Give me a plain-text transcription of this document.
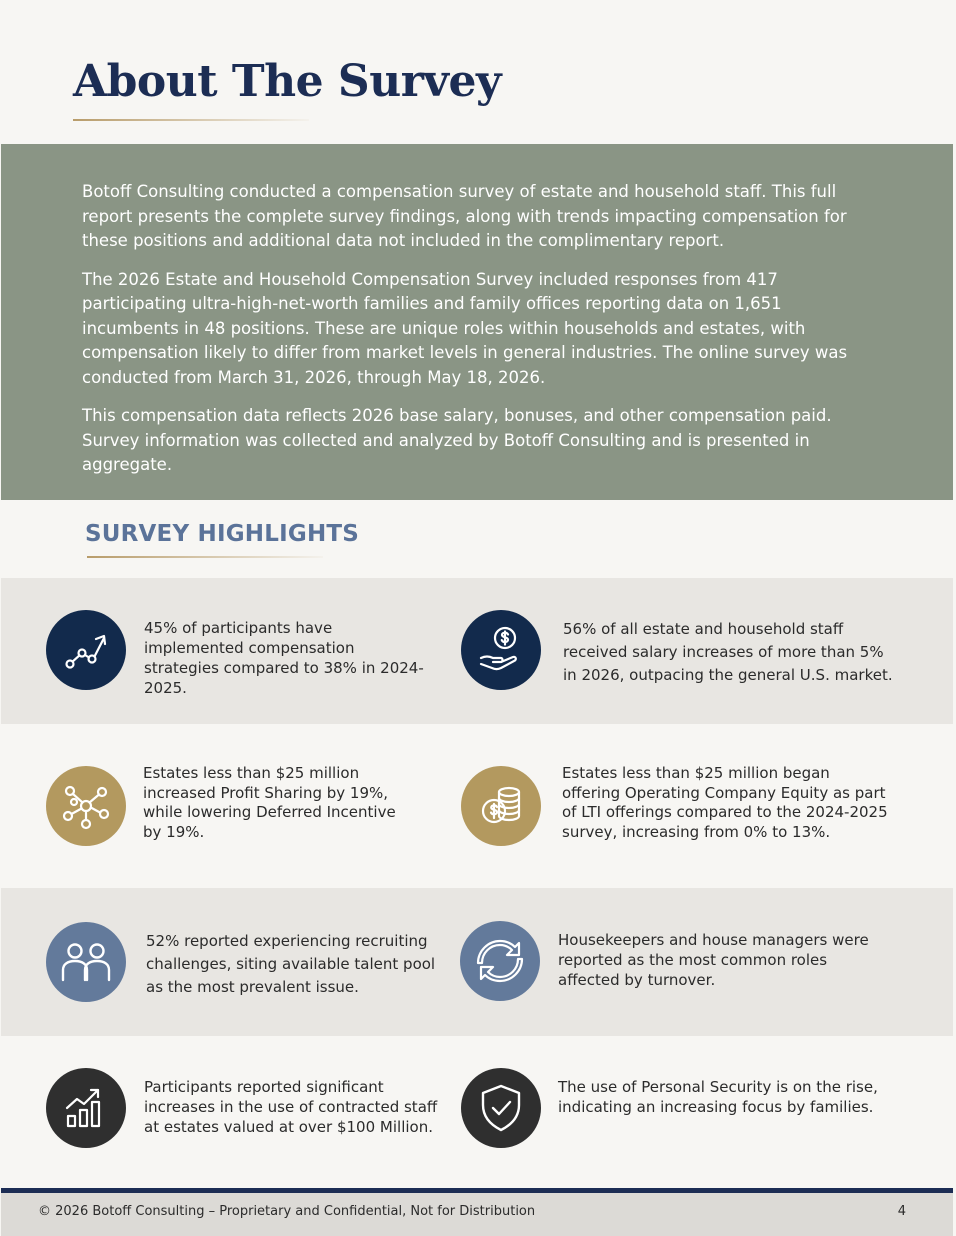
About The Survey

Botoff Consulting conducted a compensation survey of estate and household staff. This full report presents the complete survey findings, along with trends impacting compensation for these positions and additional data not included in the complimentary report.

The 2026 Estate and Household Compensation Survey included responses from 417 participating ultra-high-net-worth families and family offices reporting data on 1,651 incumbents in 48 positions. These are unique roles within households and estates, with compensation likely to differ from market levels in general industries. The online survey was conducted from March 31, 2026, through May 18, 2026.

This compensation data reflects 2026 base salary, bonuses, and other compensation paid. Survey information was collected and analyzed by Botoff Consulting and is presented in aggregate.

SURVEY HIGHLIGHTS
45% of participants have implemented compensation strategies compared to 38% in 2024-2025.
56% of all estate and household staff received salary increases of more than 5% in 2026, outpacing the general U.S. market.
Estates less than $25 million increased Profit Sharing by 19%, while lowering Deferred Incentive by 19%.
Estates less than $25 million began offering Operating Company Equity as part of LTI offerings compared to the 2024-2025 survey, increasing from 0% to 13%.
52% reported experiencing recruiting challenges, siting available talent pool as the most prevalent issue.
Housekeepers and house managers were reported as the most common roles affected by turnover.
Participants reported significant increases in the use of contracted staff at estates valued at over $100 Million.
The use of Personal Security is on the rise, indicating an increasing focus by families.
© 2026 Botoff Consulting – Proprietary and Confidential, Not for Distribution	4
